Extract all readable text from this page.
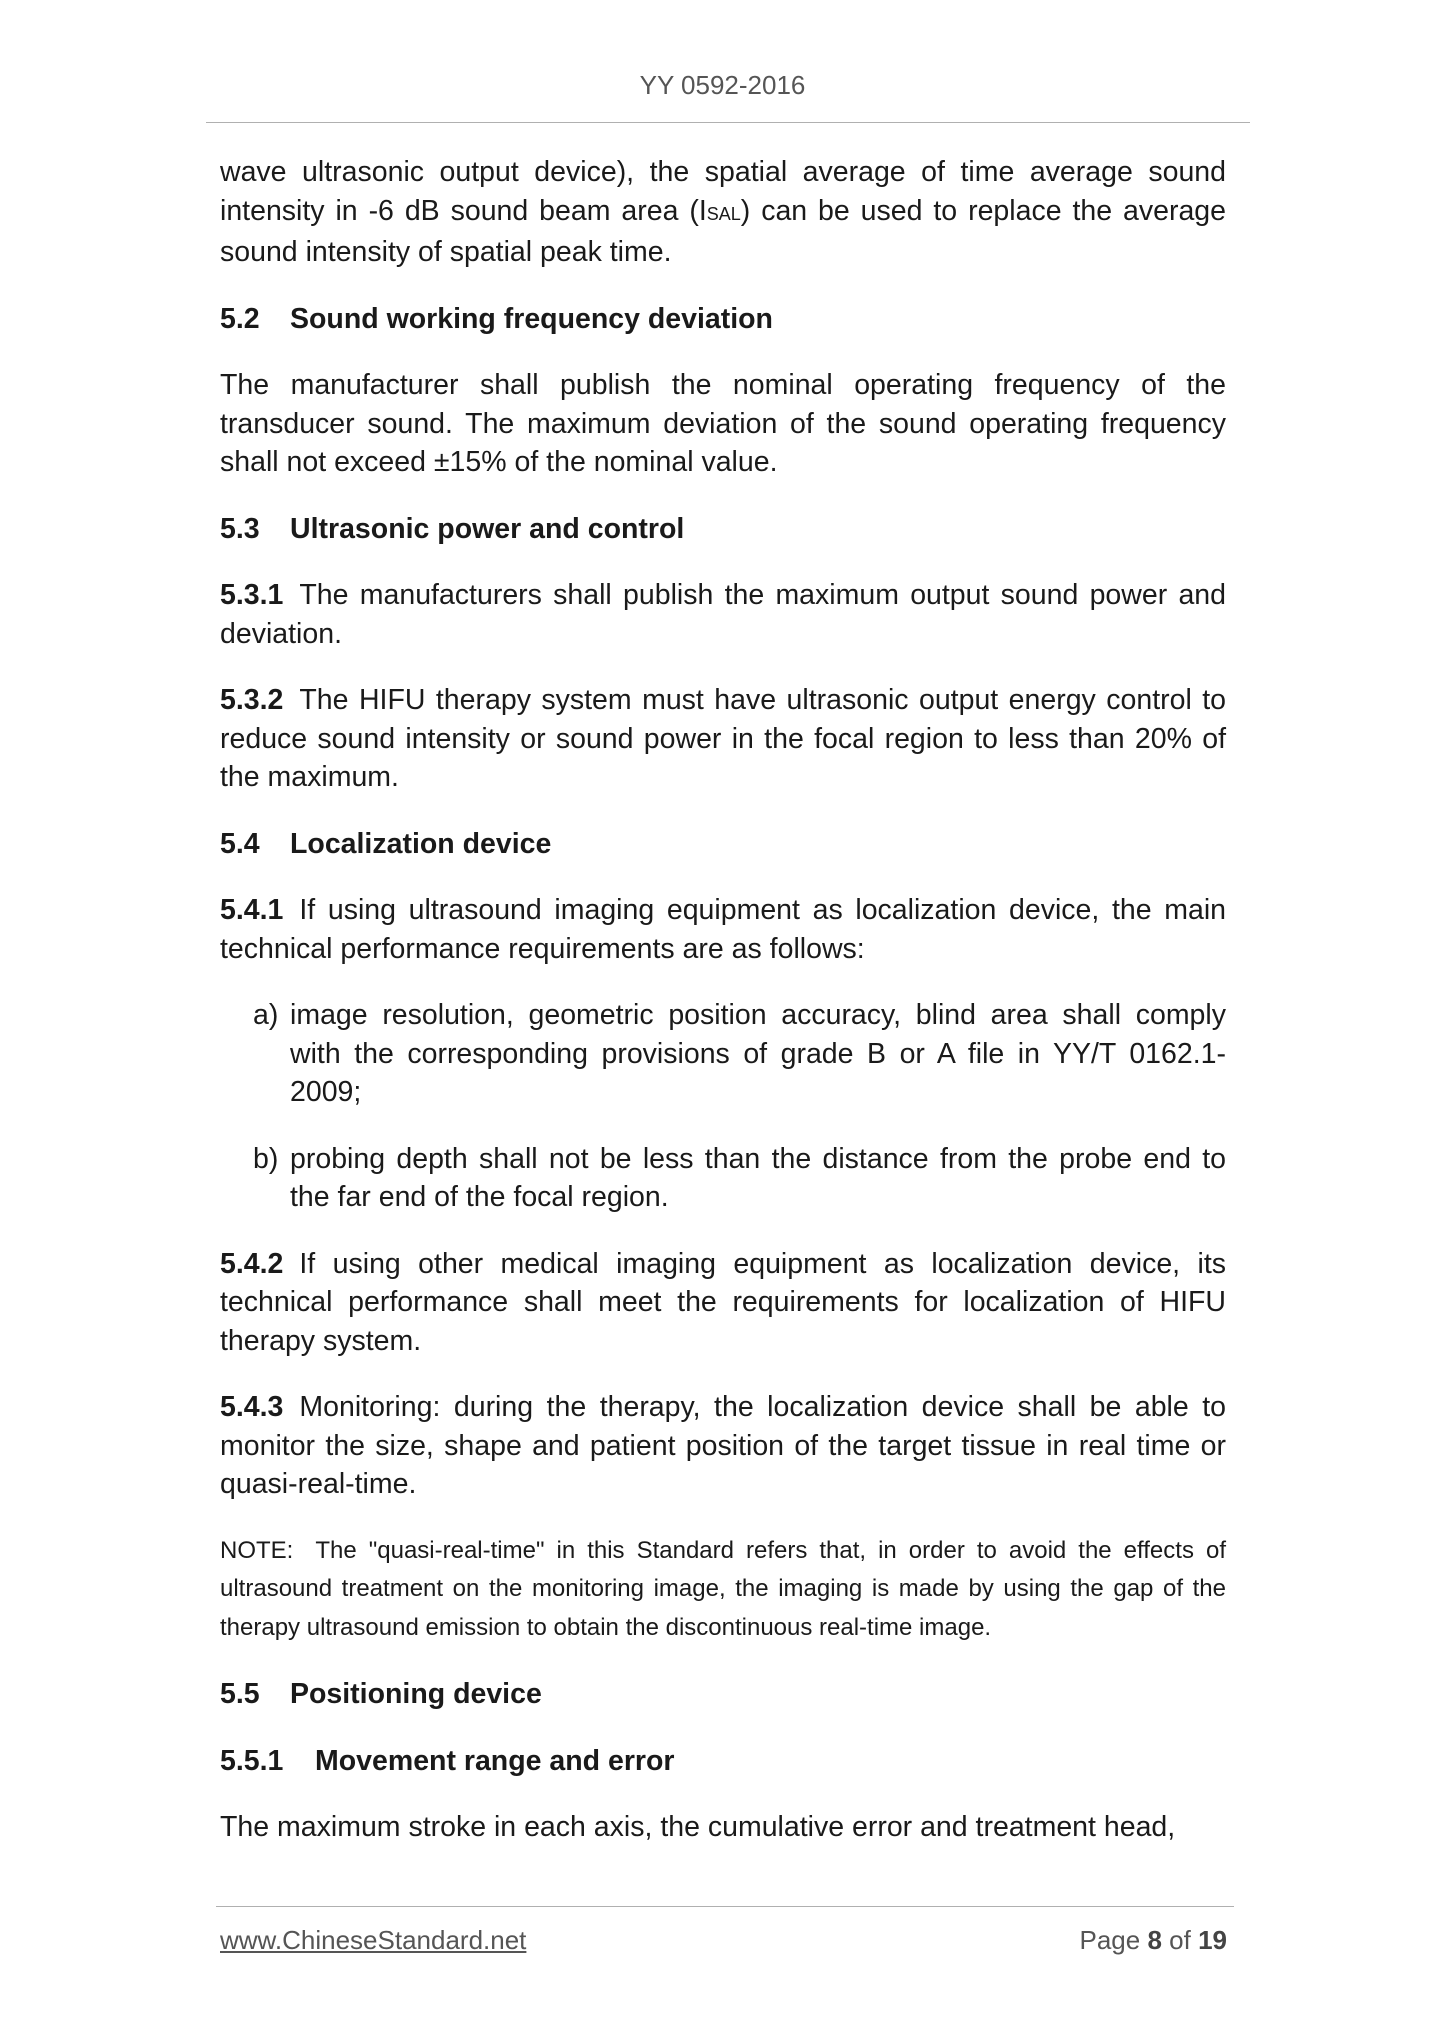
YY 0592-2016

wave ultrasonic output device), the spatial average of time average sound intensity in -6 dB sound beam area (ISAL) can be used to replace the average sound intensity of spatial peak time.

5.2 Sound working frequency deviation

The manufacturer shall publish the nominal operating frequency of the transducer sound. The maximum deviation of the sound operating frequency shall not exceed ±15% of the nominal value.

5.3 Ultrasonic power and control

5.3.1 The manufacturers shall publish the maximum output sound power and deviation.

5.3.2 The HIFU therapy system must have ultrasonic output energy control to reduce sound intensity or sound power in the focal region to less than 20% of the maximum.

5.4 Localization device

5.4.1 If using ultrasound imaging equipment as localization device, the main technical performance requirements are as follows:

a) image resolution, geometric position accuracy, blind area shall comply with the corresponding provisions of grade B or A file in YY/T 0162.1-2009;
b) probing depth shall not be less than the distance from the probe end to the far end of the focal region.

5.4.2 If using other medical imaging equipment as localization device, its technical performance shall meet the requirements for localization of HIFU therapy system.

5.4.3 Monitoring: during the therapy, the localization device shall be able to monitor the size, shape and patient position of the target tissue in real time or quasi-real-time.

NOTE: The "quasi-real-time" in this Standard refers that, in order to avoid the effects of ultrasound treatment on the monitoring image, the imaging is made by using the gap of the therapy ultrasound emission to obtain the discontinuous real-time image.

5.5 Positioning device
5.5.1 Movement range and error

The maximum stroke in each axis, the cumulative error and treatment head,

www.ChineseStandard.net	Page 8 of 19
